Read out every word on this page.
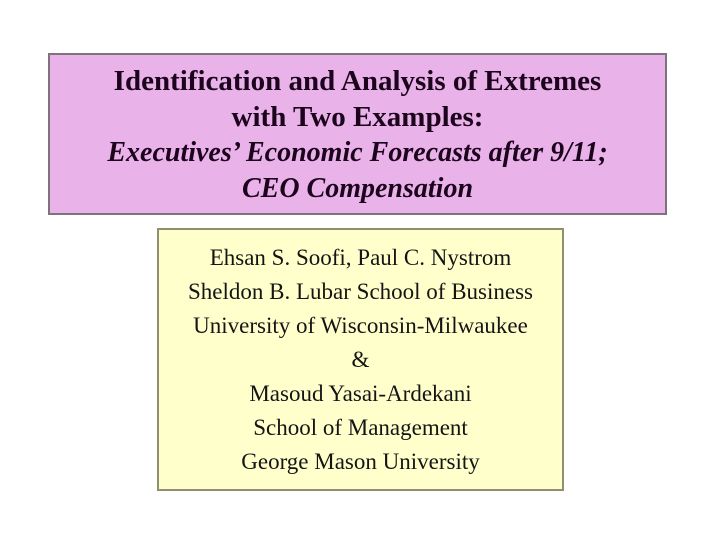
Identification and Analysis of Extremes
with Two Examples:
Executives’ Economic Forecasts after 9/11;
CEO Compensation
Ehsan S. Soofi, Paul C. Nystrom
Sheldon B. Lubar School of Business
University of Wisconsin-Milwaukee
&
Masoud Yasai-Ardekani
School of Management
George Mason University
